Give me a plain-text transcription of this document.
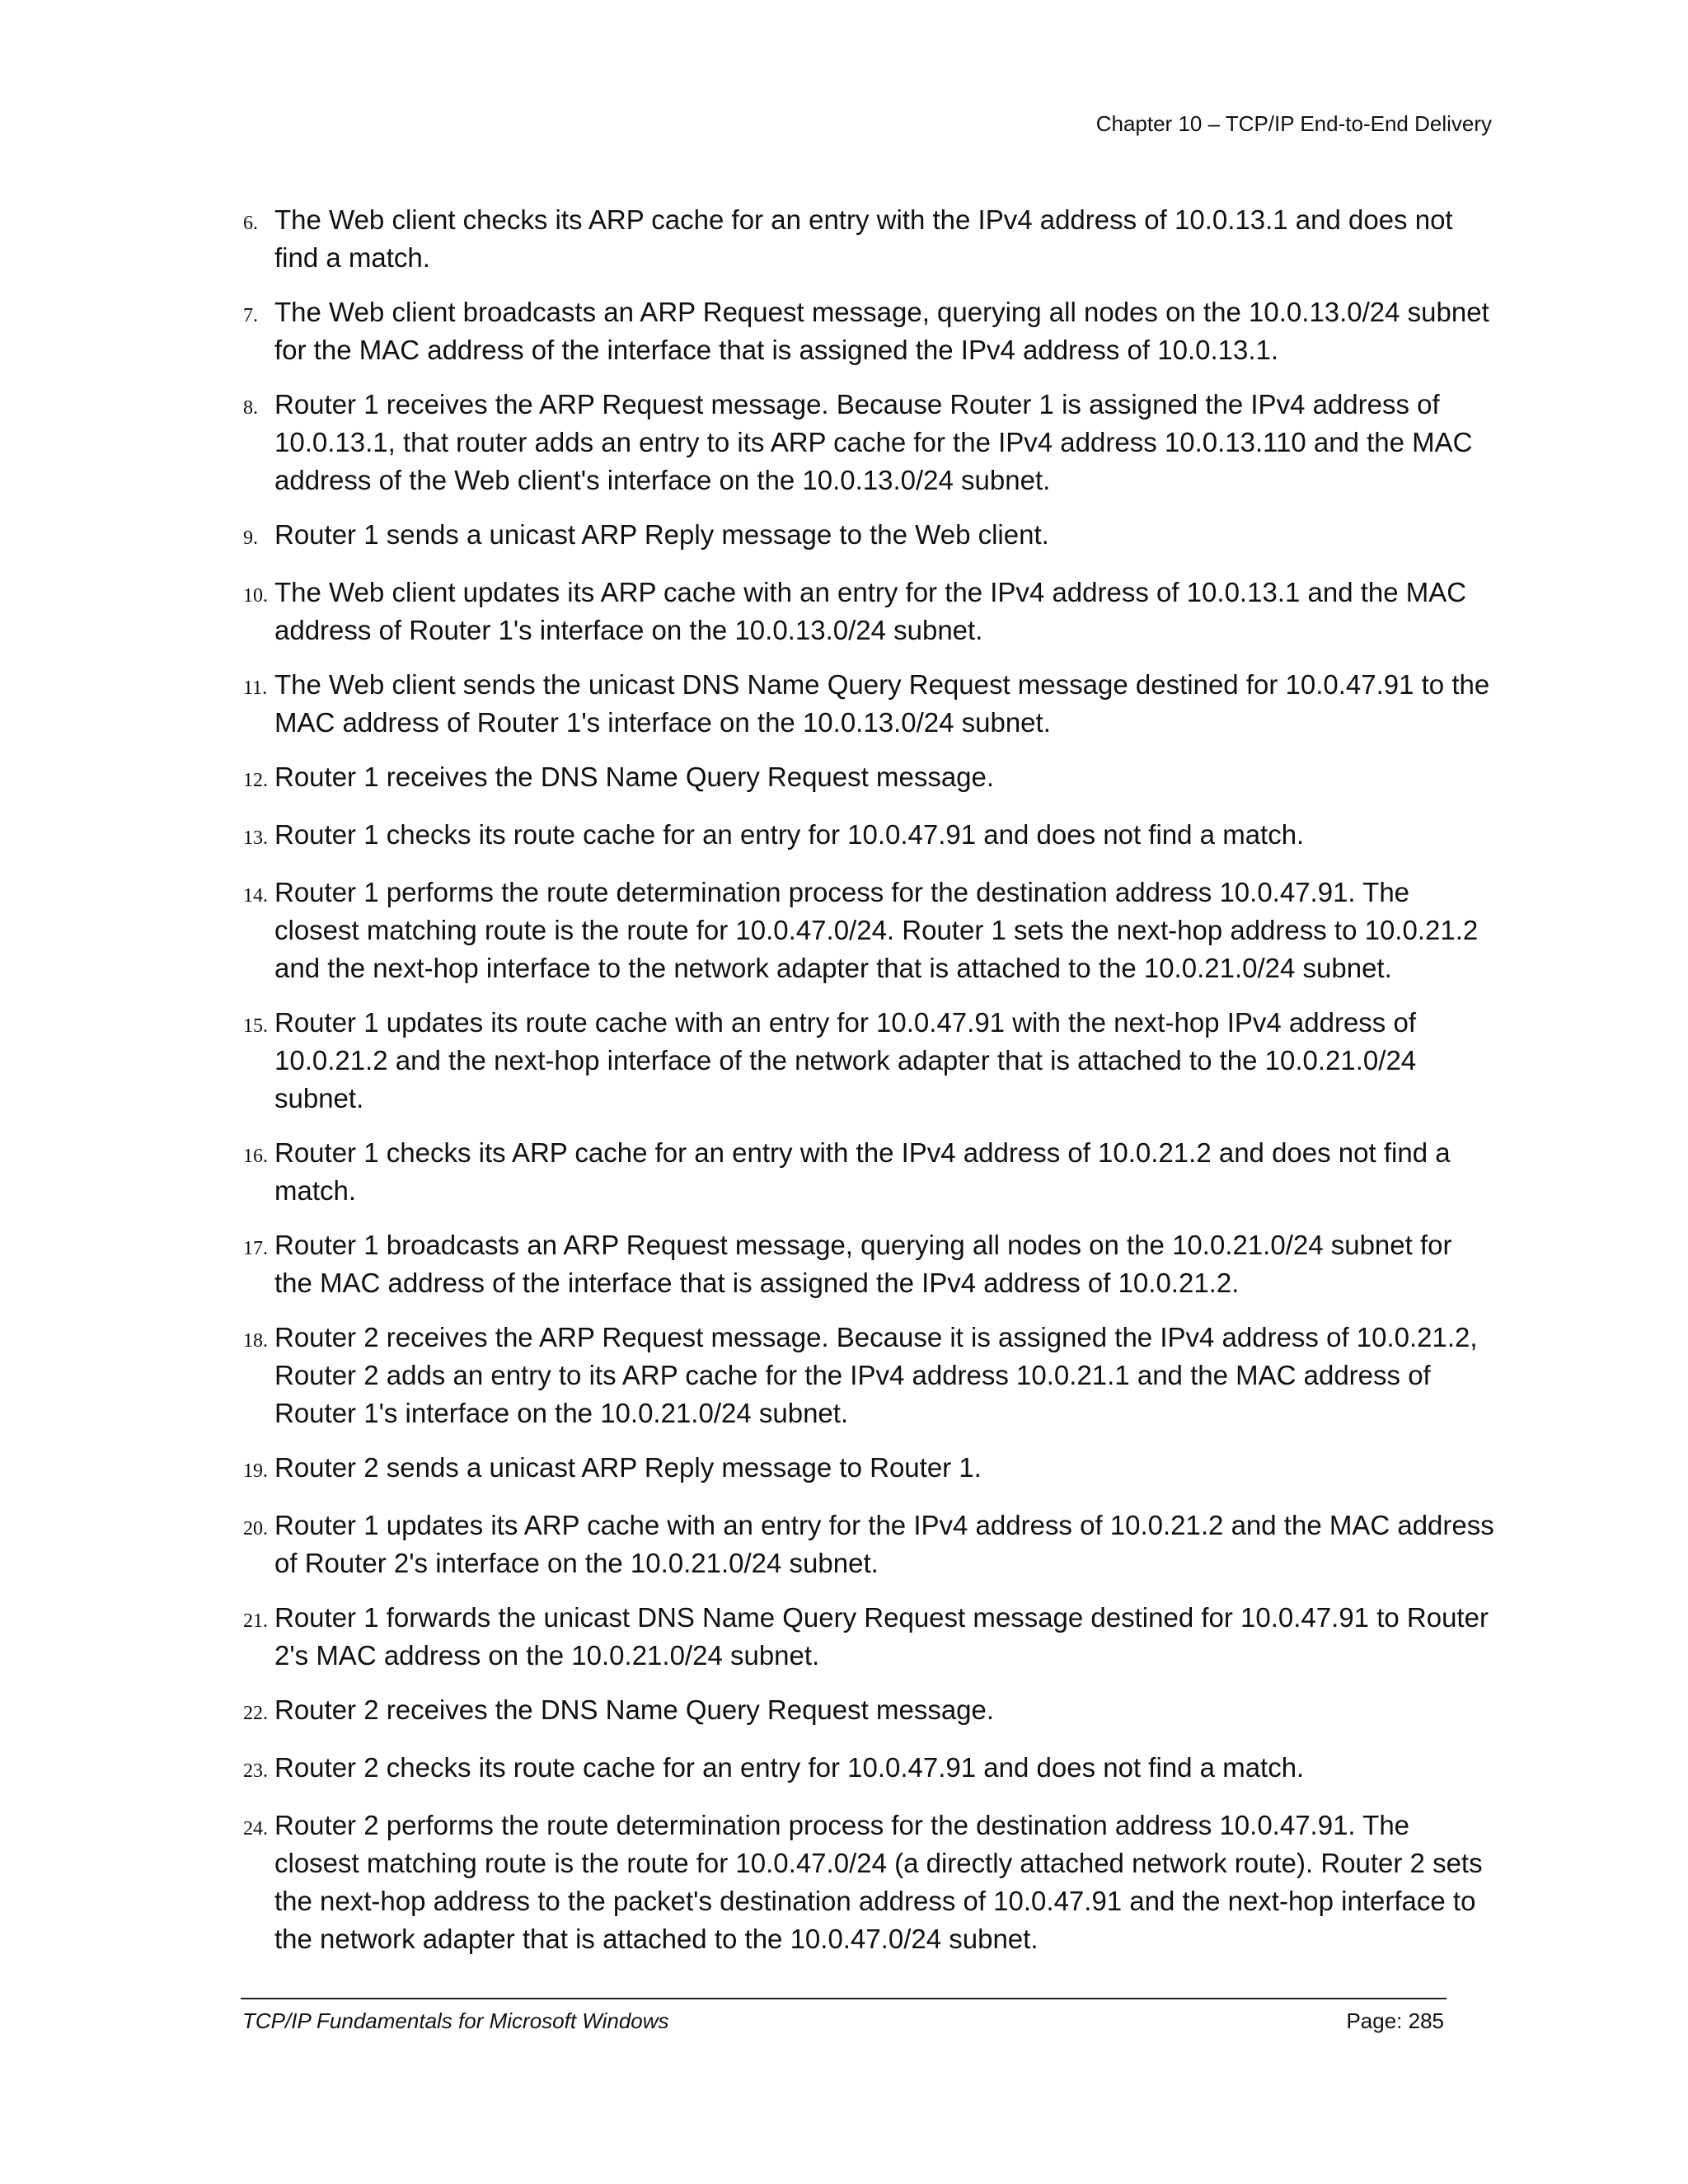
Chapter 10 – TCP/IP End-to-End Delivery
6. The Web client checks its ARP cache for an entry with the IPv4 address of 10.0.13.1 and does not find a match.
7. The Web client broadcasts an ARP Request message, querying all nodes on the 10.0.13.0/24 subnet for the MAC address of the interface that is assigned the IPv4 address of 10.0.13.1.
8. Router 1 receives the ARP Request message. Because Router 1 is assigned the IPv4 address of 10.0.13.1, that router adds an entry to its ARP cache for the IPv4 address 10.0.13.110 and the MAC address of the Web client's interface on the 10.0.13.0/24 subnet.
9. Router 1 sends a unicast ARP Reply message to the Web client.
10. The Web client updates its ARP cache with an entry for the IPv4 address of 10.0.13.1 and the MAC address of Router 1's interface on the 10.0.13.0/24 subnet.
11. The Web client sends the unicast DNS Name Query Request message destined for 10.0.47.91 to the MAC address of Router 1's interface on the 10.0.13.0/24 subnet.
12. Router 1 receives the DNS Name Query Request message.
13. Router 1 checks its route cache for an entry for 10.0.47.91 and does not find a match.
14. Router 1 performs the route determination process for the destination address 10.0.47.91. The closest matching route is the route for 10.0.47.0/24. Router 1 sets the next-hop address to 10.0.21.2 and the next-hop interface to the network adapter that is attached to the 10.0.21.0/24 subnet.
15. Router 1 updates its route cache with an entry for 10.0.47.91 with the next-hop IPv4 address of 10.0.21.2 and the next-hop interface of the network adapter that is attached to the 10.0.21.0/24 subnet.
16. Router 1 checks its ARP cache for an entry with the IPv4 address of 10.0.21.2 and does not find a match.
17. Router 1 broadcasts an ARP Request message, querying all nodes on the 10.0.21.0/24 subnet for the MAC address of the interface that is assigned the IPv4 address of 10.0.21.2.
18. Router 2 receives the ARP Request message. Because it is assigned the IPv4 address of 10.0.21.2, Router 2 adds an entry to its ARP cache for the IPv4 address 10.0.21.1 and the MAC address of Router 1's interface on the 10.0.21.0/24 subnet.
19. Router 2 sends a unicast ARP Reply message to Router 1.
20. Router 1 updates its ARP cache with an entry for the IPv4 address of 10.0.21.2 and the MAC address of Router 2's interface on the 10.0.21.0/24 subnet.
21. Router 1 forwards the unicast DNS Name Query Request message destined for 10.0.47.91 to Router 2's MAC address on the 10.0.21.0/24 subnet.
22. Router 2 receives the DNS Name Query Request message.
23. Router 2 checks its route cache for an entry for 10.0.47.91 and does not find a match.
24. Router 2 performs the route determination process for the destination address 10.0.47.91. The closest matching route is the route for 10.0.47.0/24 (a directly attached network route). Router 2 sets the next-hop address to the packet's destination address of 10.0.47.91 and the next-hop interface to the network adapter that is attached to the 10.0.47.0/24 subnet.
TCP/IP Fundamentals for Microsoft Windows	Page: 285
